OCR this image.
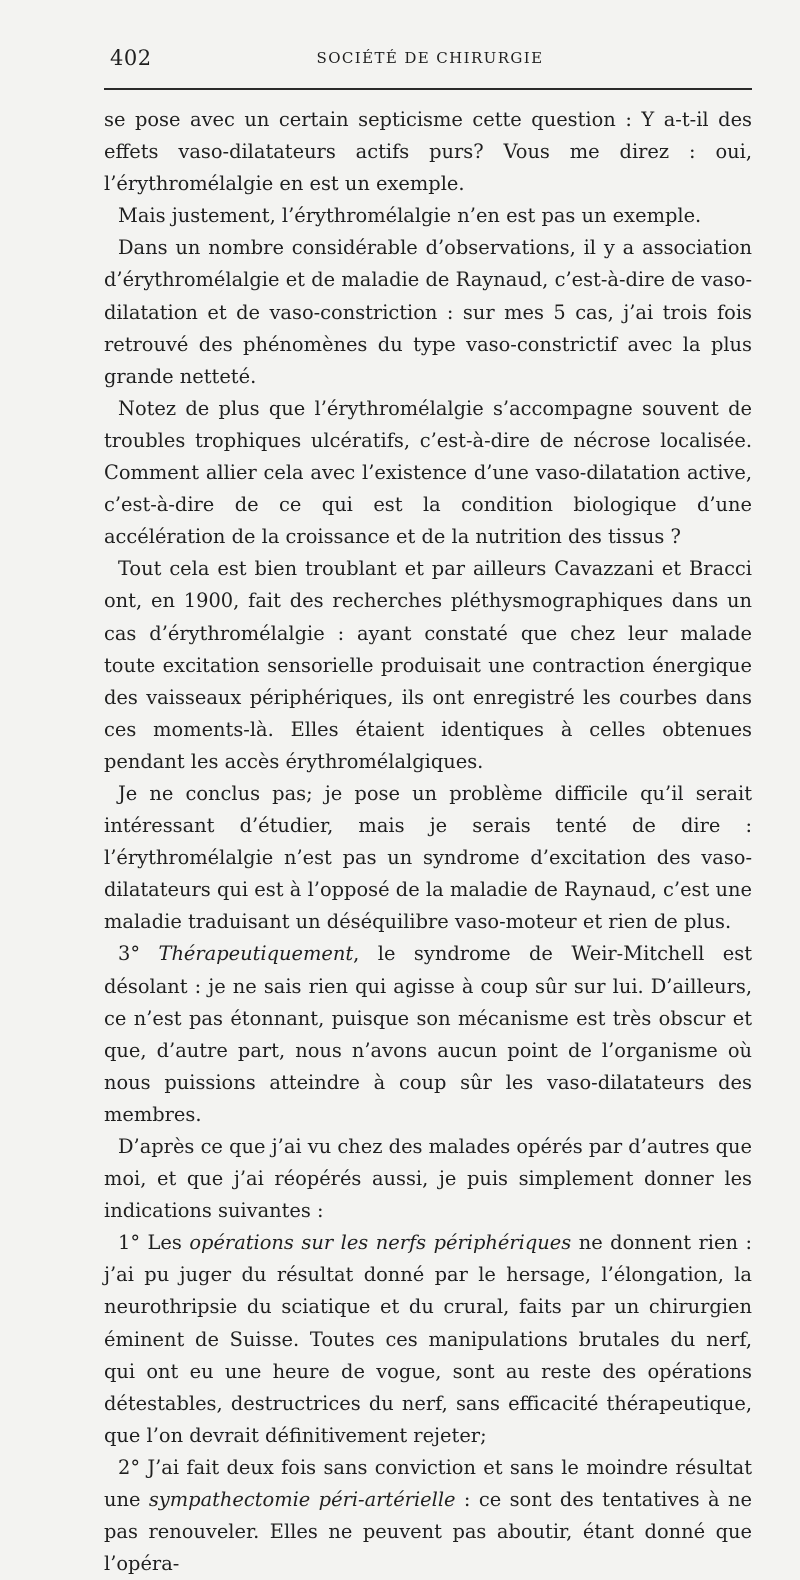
402	SOCIÉTÉ DE CHIRURGIE

se pose avec un certain septicisme cette question : Y a-t-il des effets vaso-dilatateurs actifs purs? Vous me direz : oui, l’érythromélalgie en est un exemple.

Mais justement, l’érythromélalgie n’en est pas un exemple.

Dans un nombre considérable d’observations, il y a association d’érythromélalgie et de maladie de Raynaud, c’est-à-dire de vaso-dilatation et de vaso-constriction : sur mes 5 cas, j’ai trois fois retrouvé des phénomènes du type vaso-constrictif avec la plus grande netteté.

Notez de plus que l’érythromélalgie s’accompagne souvent de troubles trophiques ulcératifs, c’est-à-dire de nécrose localisée. Comment allier cela avec l’existence d’une vaso-dilatation active, c’est-à-dire de ce qui est la condition biologique d’une accélération de la croissance et de la nutrition des tissus ?

Tout cela est bien troublant et par ailleurs Cavazzani et Bracci ont, en 1900, fait des recherches pléthysmographiques dans un cas d’érythromélalgie : ayant constaté que chez leur malade toute excitation sensorielle produisait une contraction énergique des vaisseaux périphériques, ils ont enregistré les courbes dans ces moments-là. Elles étaient identiques à celles obtenues pendant les accès érythromélalgiques.

Je ne conclus pas; je pose un problème difficile qu’il serait intéressant d’étudier, mais je serais tenté de dire : l’érythromélalgie n’est pas un syndrome d’excitation des vaso-dilatateurs qui est à l’opposé de la maladie de Raynaud, c’est une maladie traduisant un déséquilibre vaso-moteur et rien de plus.

3° Thérapeutiquement, le syndrome de Weir-Mitchell est désolant : je ne sais rien qui agisse à coup sûr sur lui. D’ailleurs, ce n’est pas étonnant, puisque son mécanisme est très obscur et que, d’autre part, nous n’avons aucun point de l’organisme où nous puissions atteindre à coup sûr les vaso-dilatateurs des membres.

D’après ce que j’ai vu chez des malades opérés par d’autres que moi, et que j’ai réopérés aussi, je puis simplement donner les indications suivantes :

1° Les opérations sur les nerfs périphériques ne donnent rien : j’ai pu juger du résultat donné par le hersage, l’élongation, la neurothripsie du sciatique et du crural, faits par un chirurgien éminent de Suisse. Toutes ces manipulations brutales du nerf, qui ont eu une heure de vogue, sont au reste des opérations détestables, destructrices du nerf, sans efficacité thérapeutique, que l’on devrait définitivement rejeter;

2° J’ai fait deux fois sans conviction et sans le moindre résultat une sympathectomie péri-artérielle : ce sont des tentatives à ne pas renouveler. Elles ne peuvent pas aboutir, étant donné que l’opéra-
